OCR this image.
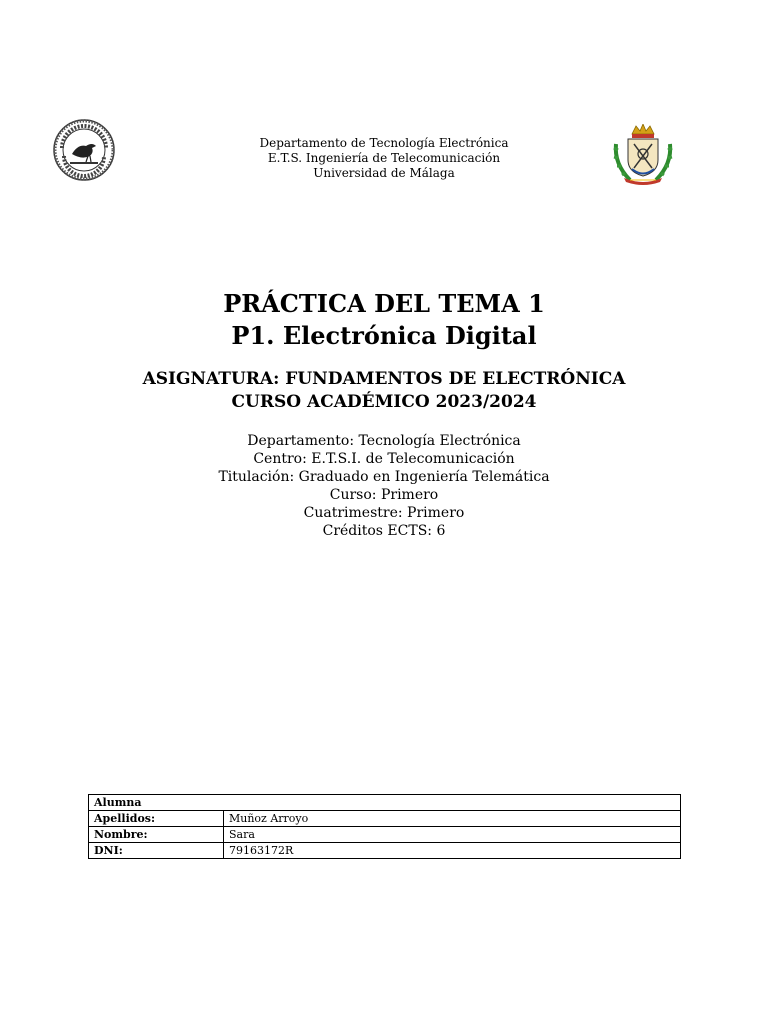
Departamento de Tecnología Electrónica
E.T.S. Ingeniería de Telecomunicación
Universidad de Málaga
PRÁCTICA DEL TEMA 1
P1. Electrónica Digital
ASIGNATURA: FUNDAMENTOS DE ELECTRÓNICA
CURSO ACADÉMICO 2023/2024
Departamento: Tecnología Electrónica
Centro: E.T.S.I. de Telecomunicación
Titulación: Graduado en Ingeniería Telemática
Curso: Primero
Cuatrimestre: Primero
Créditos ECTS: 6
Alumna	
Apellidos:	Muñoz Arroyo
Nombre:	Sara
DNI:	79163172R
